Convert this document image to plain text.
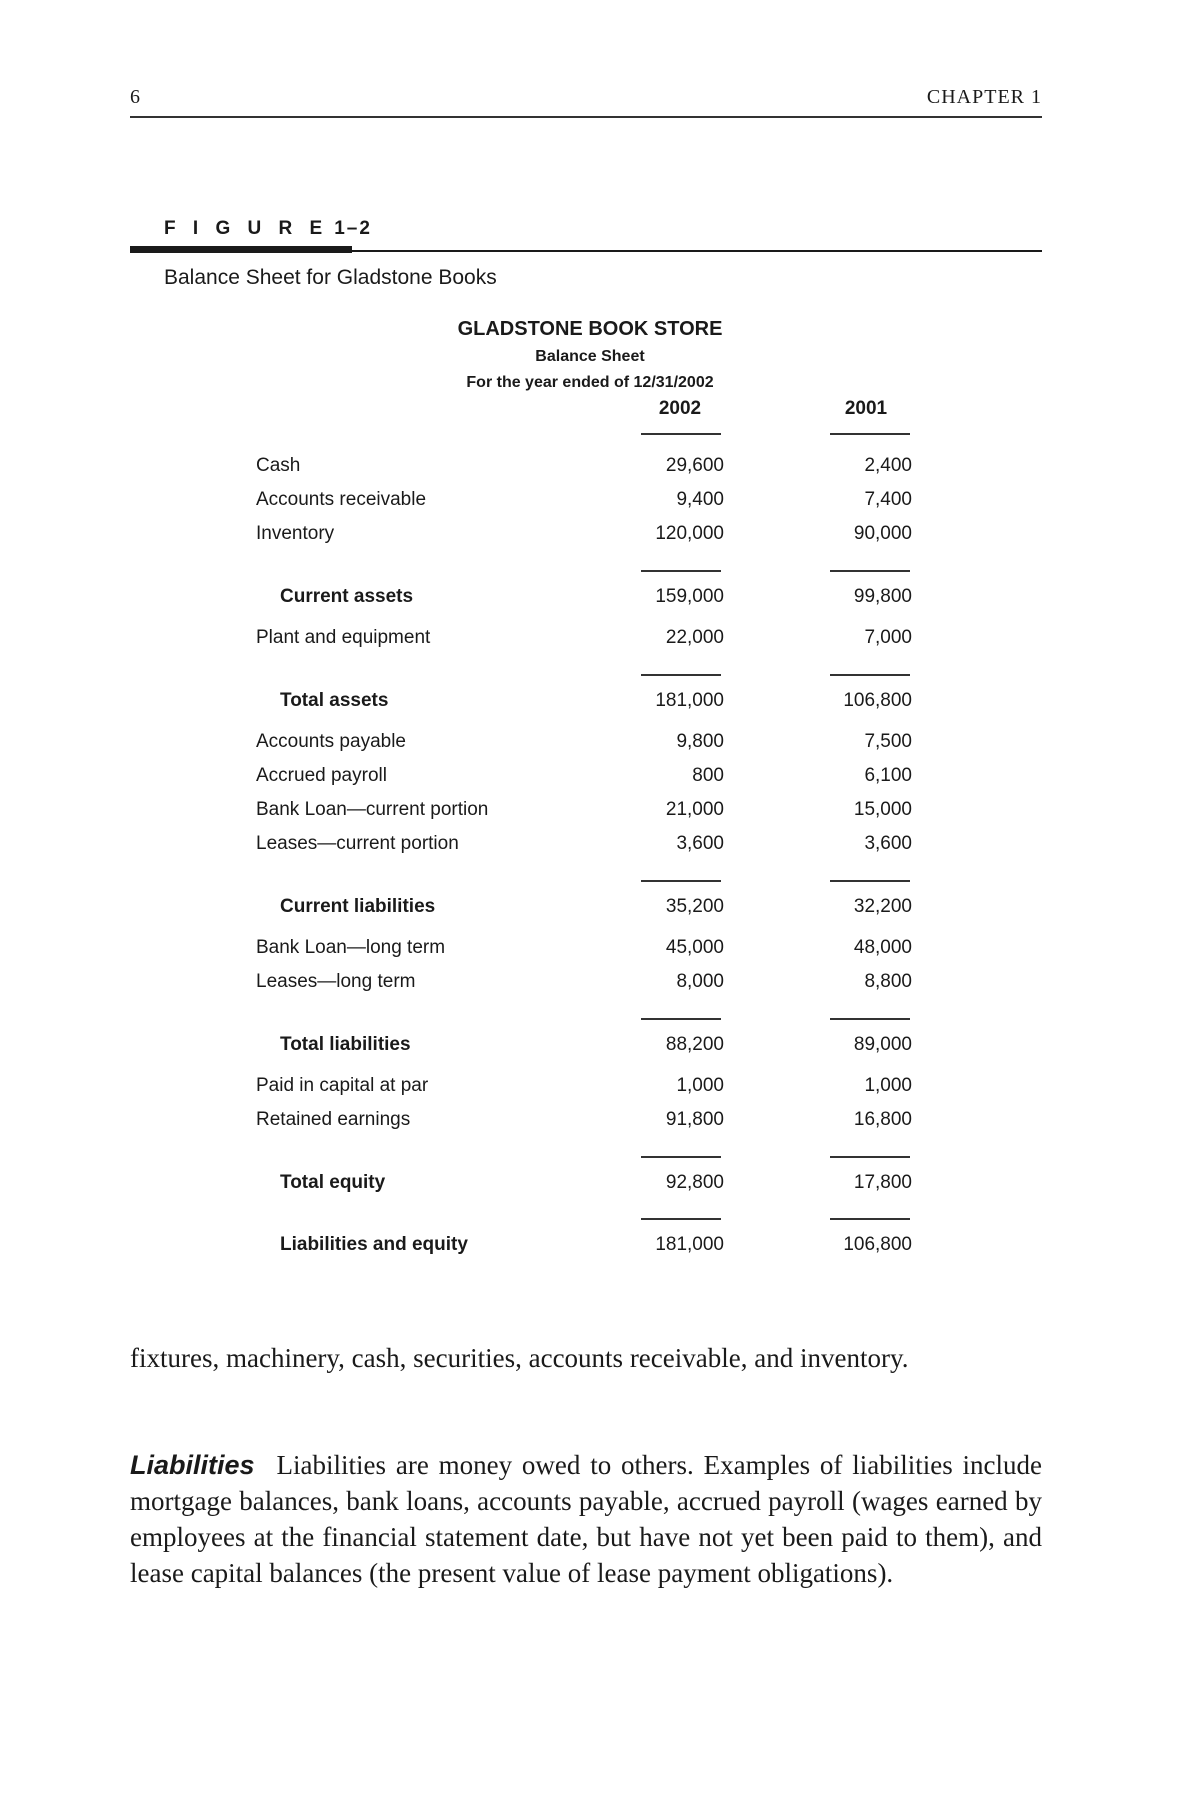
6	CHAPTER 1
F I G U R E 1–2
Balance Sheet for Gladstone Books
GLADSTONE BOOK STORE
Balance Sheet
For the year ended of 12/31/2002
2002	2001
Cash	29,600	2,400
Accounts receivable	9,400	7,400
Inventory	120,000	90,000
Current assets	159,000	99,800
Plant and equipment	22,000	7,000
Total assets	181,000	106,800
Accounts payable	9,800	7,500
Accrued payroll	800	6,100
Bank Loan—current portion	21,000	15,000
Leases—current portion	3,600	3,600
Current liabilities	35,200	32,200
Bank Loan—long term	45,000	48,000
Leases—long term	8,000	8,800
Total liabilities	88,200	89,000
Paid in capital at par	1,000	1,000
Retained earnings	91,800	16,800
Total equity	92,800	17,800
Liabilities and equity	181,000	106,800
fixtures, machinery, cash, securities, accounts receivable, and inventory.
Liabilities Liabilities are money owed to others. Examples of liabilities include mortgage balances, bank loans, accounts payable, accrued payroll (wages earned by employees at the financial statement date, but have not yet been paid to them), and lease capital balances (the present value of lease payment obligations).
